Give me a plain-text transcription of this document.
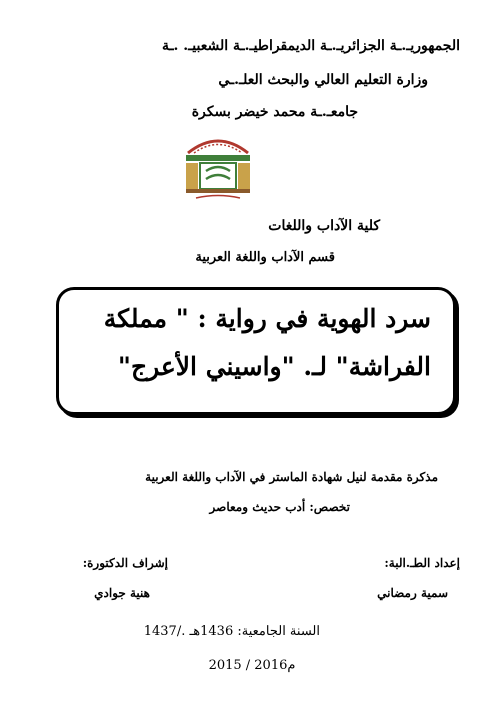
الجمهوريـ.ـة الجزائريـ.ـة الديمقراطيـ.ـة الشعبيـ. .ـة
وزارة التعليم العالي والبحث العلـ.ـي
جامعـ.ـة محمد خيضر بسكرة
كلية الآداب واللغات
قسم الآداب واللغة العربية
سرد الهوية في رواية : " مملكة
الفراشة" لـ. "واسيني الأعرج"
مذكرة مقدمة لنيل شهادة الماستر في الآداب واللغة العربية
تخصص: أدب حديث ومعاصر
إعداد الطـ.البة:
إشراف الدكتورة:
سمية رمضاني
هنية جوادي
السنة الجامعية: 1436هـ ./1437
2015 / 2016م
